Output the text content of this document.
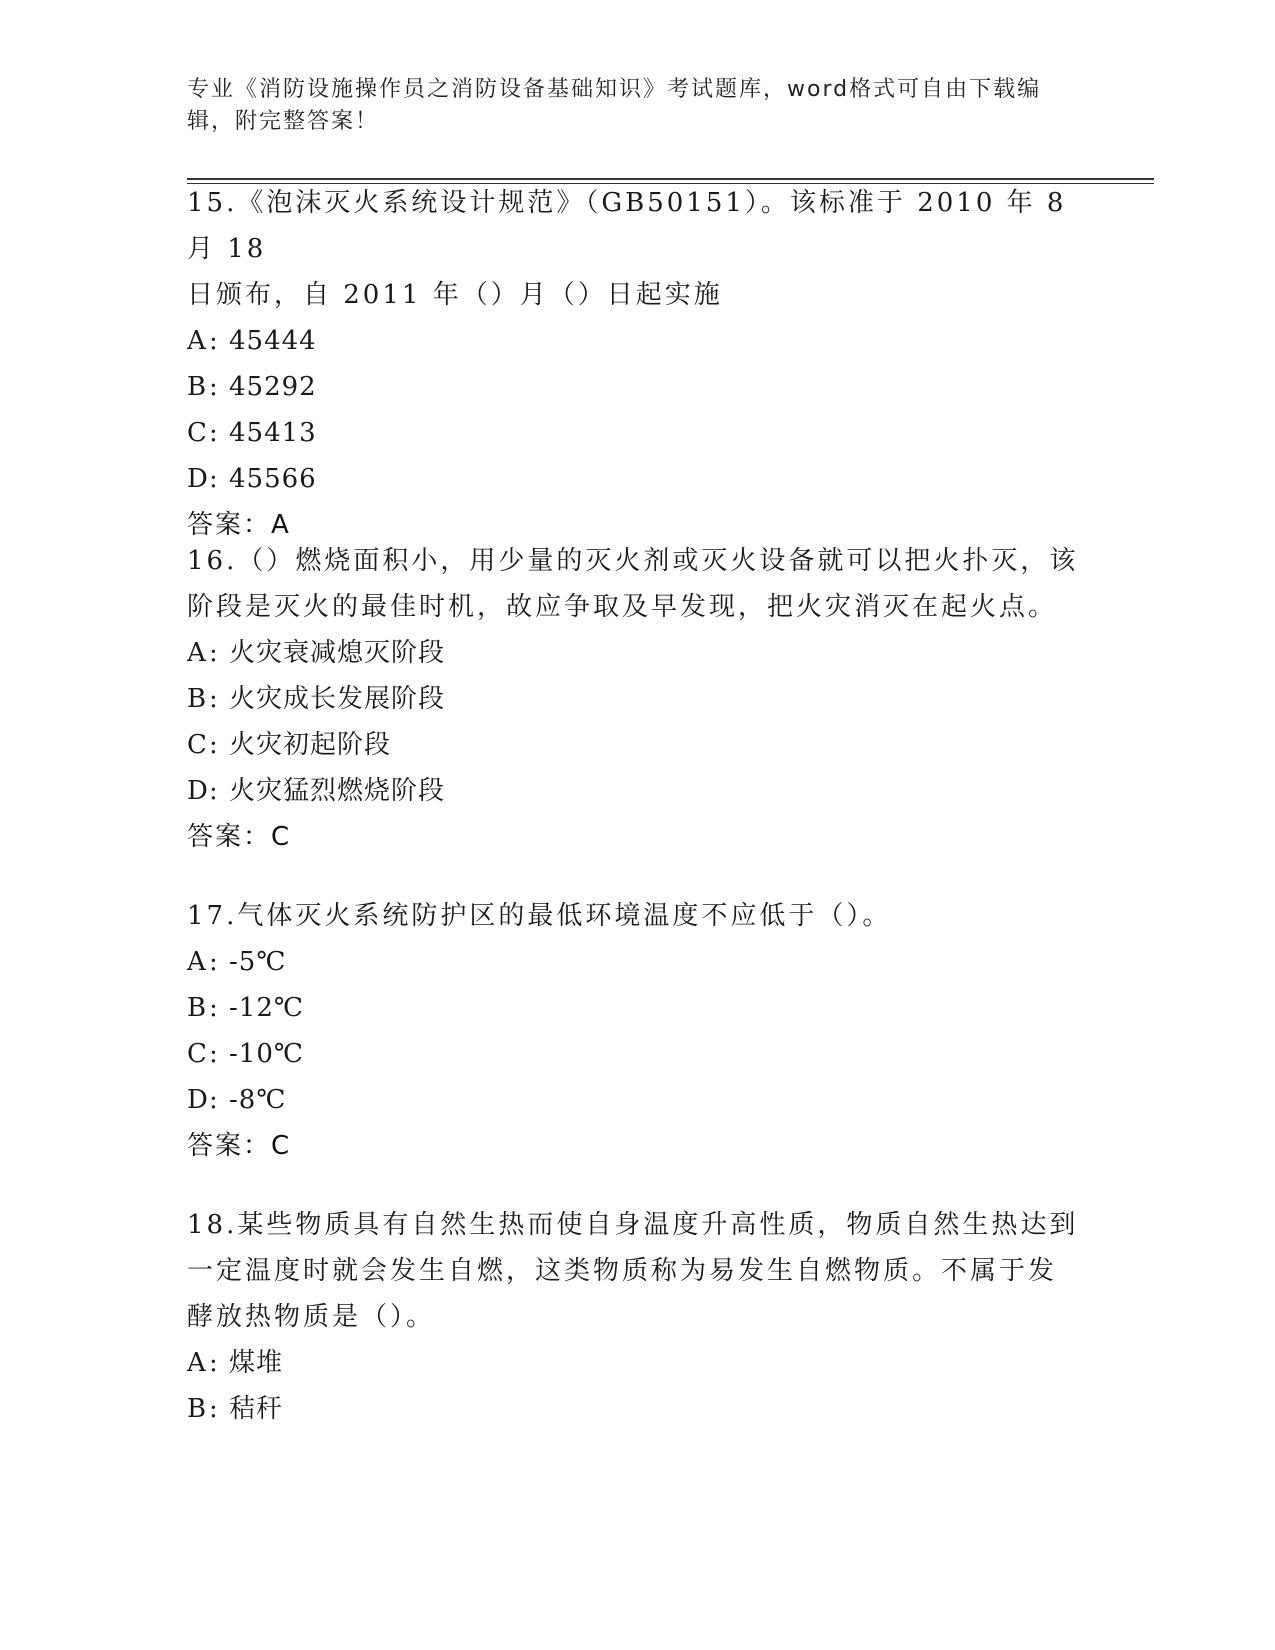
专业《消防设施操作员之消防设备基础知识》考试题库，word格式可自由下载编
辑，附完整答案！

15.《泡沫灭火系统设计规范》（GB50151）。该标准于 2010 年 8 月 18

日颁布，自 2011 年（）月（）日起实施

A: 45444

B: 45292

C: 45413

D: 45566

答案：A

16.（）燃烧面积小，用少量的灭火剂或灭火设备就可以把火扑灭，该

阶段是灭火的最佳时机，故应争取及早发现，把火灾消灭在起火点。

A: 火灾衰减熄灭阶段

B: 火灾成长发展阶段

C: 火灾初起阶段

D: 火灾猛烈燃烧阶段

答案：C

17.气体灭火系统防护区的最低环境温度不应低于（）。

A: -5℃

B: -12℃

C: -10℃

D: -8℃

答案：C

18.某些物质具有自然生热而使自身温度升高性质，物质自然生热达到

一定温度时就会发生自燃，这类物质称为易发生自燃物质。不属于发

酵放热物质是（）。

A: 煤堆

B: 秸秆
